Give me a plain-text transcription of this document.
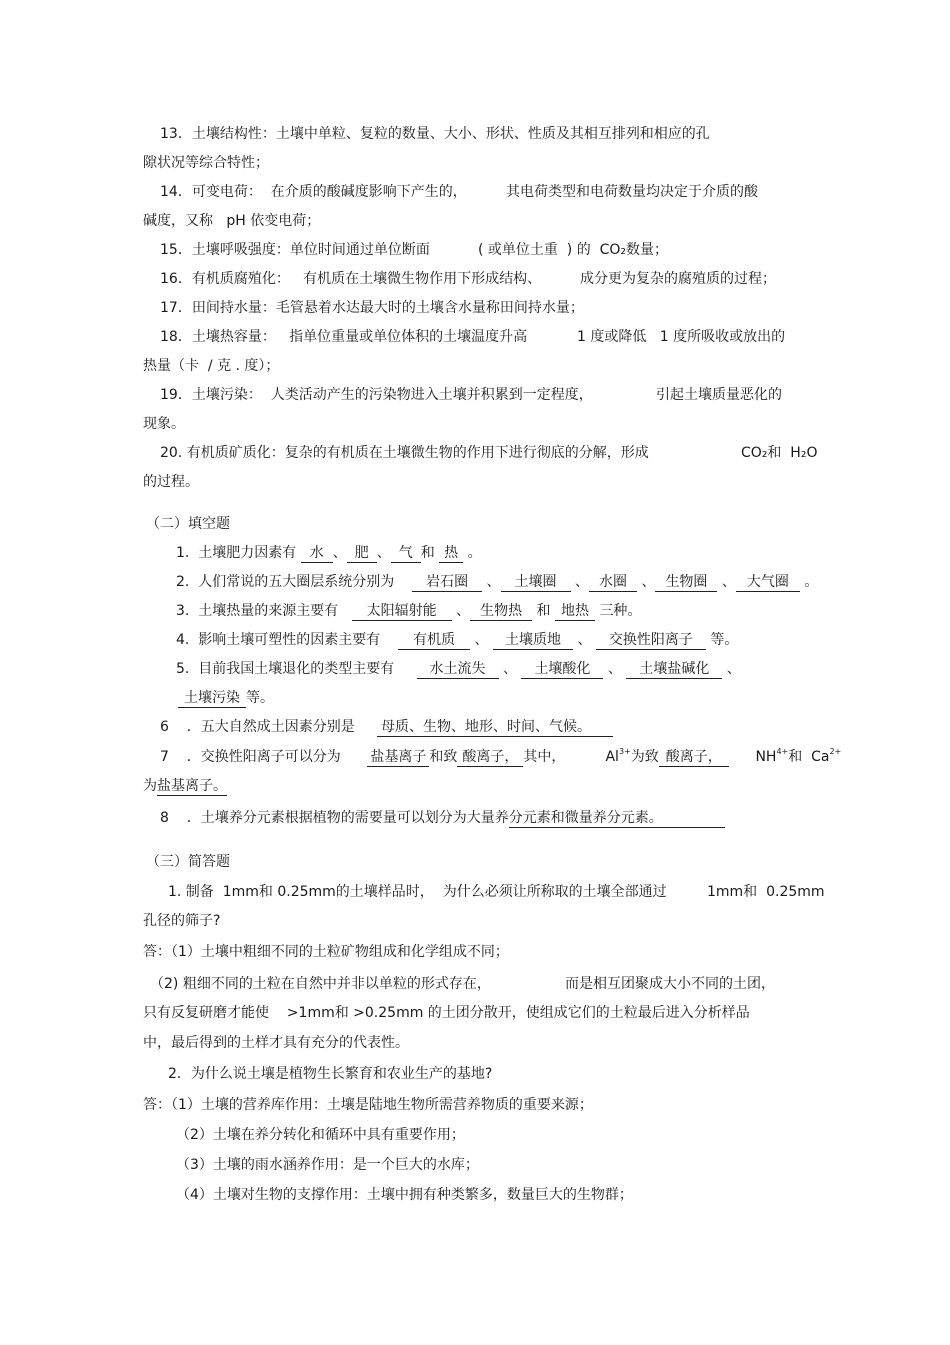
13．土壤结构性：土壤中单粒、复粒的数量、大小、形状、性质及其相互排列和相应的孔
隙状况等综合特性；
14．可变电荷：  在介质的酸碱度影响下产生的，	其电荷类型和电荷数量均决定于介质的酸
碱度，又称   pH 依变电荷；
15．土壤呼吸强度：单位时间通过单位断面	( 或单位土重  ) 的  CO₂数量；
16．有机质腐殖化：   有机质在土壤微生物作用下形成结构、	成分更为复杂的腐殖质的过程；
17．田间持水量：毛管悬着水达最大时的土壤含水量称田间持水量；
18．土壤热容量：   指单位重量或单位体积的土壤温度升高	1 度或降低   1 度所吸收或放出的
热量（卡  / 克 . 度）；
19．土壤污染：  人类活动产生的污染物进入土壤并积累到一定程度，	引起土壤质量恶化的
现象。
20. 有机质矿质化：复杂的有机质在土壤微生物的作用下进行彻底的分解，形成	CO₂和  H₂O
的过程。
（二）填空题
1.  土壤肥力因素有 水 、 肥 、 气 和 热 。
2.  人们常说的五大圈层系统分别为 岩石圈 、 土壤圈 、 水圈 、 生物圈 、 大气圈 。
3.  土壤热量的来源主要有 太阳辐射能 、 生物热 和 地热 三种。
4.  影响土壤可塑性的因素主要有 有机质 、 土壤质地 、 交换性阳离子 等。
5.  目前我国土壤退化的类型主要有	水土流失 、 土壤酸化 、 土壤盐碱化 、
土壤污染 等。
6    ．五大自然成土因素分别是 母质、生物、地形、时间、气候。
7    ．交换性阳离子可以分为 盐基离子 和致 酸离子， 其中，	$Al^{3+}$为致 酸离子， $NH^{4+}$和  $Ca^{2+}$
为盐基离子。
8    ．土壤养分元素根据植物的需要量可以划分为大量养分元素和微量养分元素。
（三）简答题
1. 制备  1mm和 0.25mm的土壤样品时，  为什么必须让所称取的土壤全部通过	1mm和  0.25mm
孔径的筛子?
答：（1）土壤中粗细不同的土粒矿物组成和化学组成不同；
（2) 粗细不同的土粒在自然中并非以单粒的形式存在，	而是相互团聚成大小不同的土团，
只有反复研磨才能使    >1mm和 >0.25mm 的土团分散开，使组成它们的土粒最后进入分析样品
中，最后得到的土样才具有充分的代表性。
2．为什么说土壤是植物生长繁育和农业生产的基地?
答：（1）土壤的营养库作用：土壤是陆地生物所需营养物质的重要来源；
（2）土壤在养分转化和循环中具有重要作用；
（3）土壤的雨水涵养作用：是一个巨大的水库；
（4）土壤对生物的支撑作用：土壤中拥有种类繁多，数量巨大的生物群；
